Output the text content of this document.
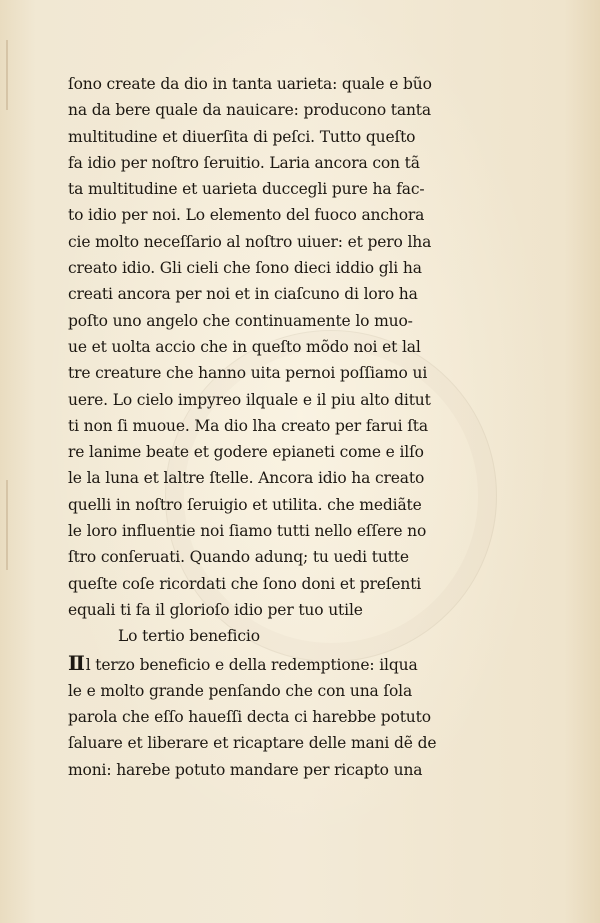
ſono create da dio in tanta uarieta: quale e bũo
na da bere quale da nauicare: producono tanta
multitudine et diuerſita di peſci. Tutto queſto
fa idio per noſtro ſeruitio. Laria ancora con tã
ta multitudine et uarieta duccegli pure ha fac-
to idio per noi. Lo elemento del fuoco anchora
cie molto neceſſario al noſtro uiuer: et pero lha
creato idio. Gli cieli che ſono dieci iddio gli ha
creati ancora per noi et in ciaſcuno di loro ha
poſto uno angelo che continuamente lo muo-
ue et uolta accio che in queſto mõdo noi et lal
tre creature che hanno uita pernoi poſſiamo ui
uere. Lo cielo impyreo ilquale e il piu alto ditut
ti non ſi muoue. Ma dio lha creato per farui ſta
re lanime beate et godere epianeti come e ilſo
le la luna et laltre ſtelle. Ancora idio ha creato
quelli in noſtro ſeruigio et utilita. che mediãte
le loro influentie noi ſiamo tutti nello eſſere no
ſtro conſeruati. Quando adunq; tu uedi tutte
queſte coſe ricordati che ſono doni et preſenti
equali ti fa il glorioſo idio per tuo utile
Lo tertio beneficio
Ⅱl terzo beneficio e della redemptione: ilqua
le e molto grande penſando che con una ſola
parola che eſſo haueſſi decta ci harebbe potuto
ſaluare et liberare et ricaptare delle mani dẽ de
moni: harebe potuto mandare per ricapto una
